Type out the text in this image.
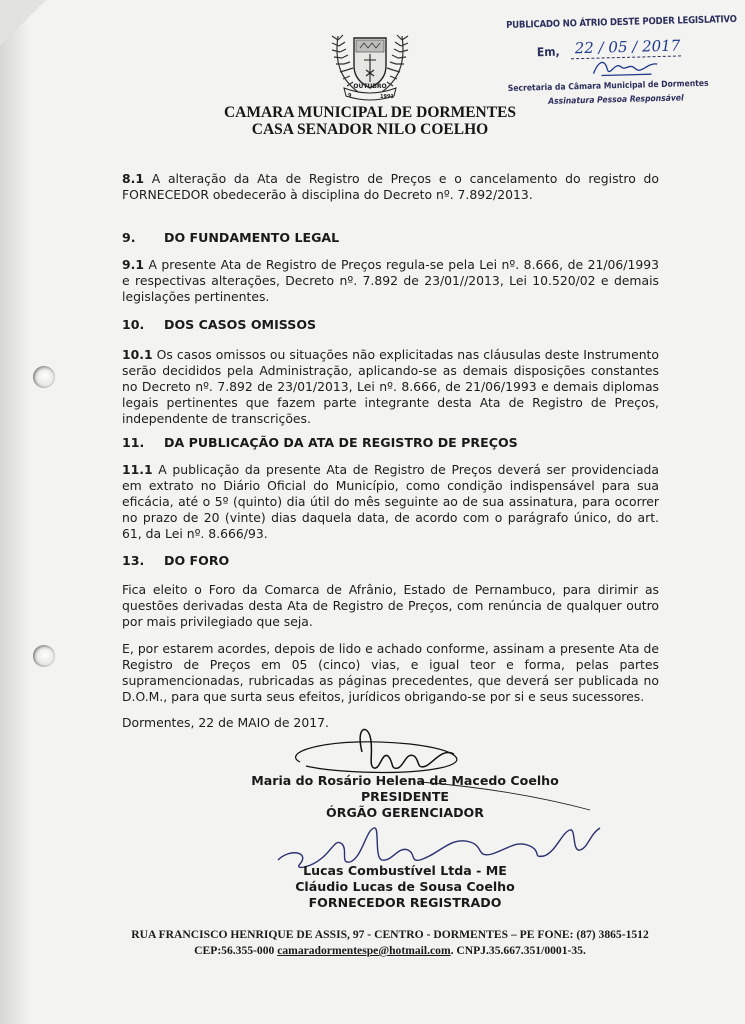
OUTUBRO
9	1991
PUBLICADO NO ÁTRIO DESTE PODER LEGISLATIVO
Em, 22 / 05 / 2017
Secretaria da Câmara Municipal de Dormentes
Assinatura Pessoa Responsável
CAMARA MUNICIPAL DE DORMENTES
CASA SENADOR NILO COELHO

8.1 A alteração da Ata de Registro de Preços e o cancelamento do registro do FORNECEDOR obedecerão à disciplina do Decreto nº. 7.892/2013.

9. DO FUNDAMENTO LEGAL

9.1 A presente Ata de Registro de Preços regula-se pela Lei nº. 8.666, de 21/06/1993 e respectivas alterações, Decreto nº. 7.892 de 23/01//2013, Lei 10.520/02 e demais legislações pertinentes.

10. DOS CASOS OMISSOS

10.1 Os casos omissos ou situações não explicitadas nas cláusulas deste Instrumento serão decididos pela Administração, aplicando-se as demais disposições constantes no Decreto nº. 7.892 de 23/01/2013, Lei nº. 8.666, de 21/06/1993 e demais diplomas legais pertinentes que fazem parte integrante desta Ata de Registro de Preços, independente de transcrições.

11. DA PUBLICAÇÃO DA ATA DE REGISTRO DE PREÇOS

11.1 A publicação da presente Ata de Registro de Preços deverá ser providenciada em extrato no Diário Oficial do Município, como condição indispensável para sua eficácia, até o 5º (quinto) dia útil do mês seguinte ao de sua assinatura, para ocorrer no prazo de 20 (vinte) dias daquela data, de acordo com o parágrafo único, do art. 61, da Lei nº. 8.666/93.

13. DO FORO

Fica eleito o Foro da Comarca de Afrânio, Estado de Pernambuco, para dirimir as questões derivadas desta Ata de Registro de Preços, com renúncia de qualquer outro por mais privilegiado que seja.

E, por estarem acordes, depois de lido e achado conforme, assinam a presente Ata de Registro de Preços em 05 (cinco) vias, e igual teor e forma, pelas partes supramencionadas, rubricadas as páginas precedentes, que deverá ser publicada no D.O.M., para que surta seus efeitos, jurídicos obrigando-se por si e seus sucessores.

Dormentes, 22 de MAIO de 2017.

Maria do Rosário Helena de Macedo Coelho
PRESIDENTE
ÓRGÃO GERENCIADOR
Lucas Combustível Ltda - ME
Cláudio Lucas de Sousa Coelho
FORNECEDOR REGISTRADO
RUA FRANCISCO HENRIQUE DE ASSIS, 97 - CENTRO - DORMENTES – PE FONE: (87) 3865-1512
CEP:56.355-000 camaradormentespe@hotmail.com. CNPJ.35.667.351/0001-35.
